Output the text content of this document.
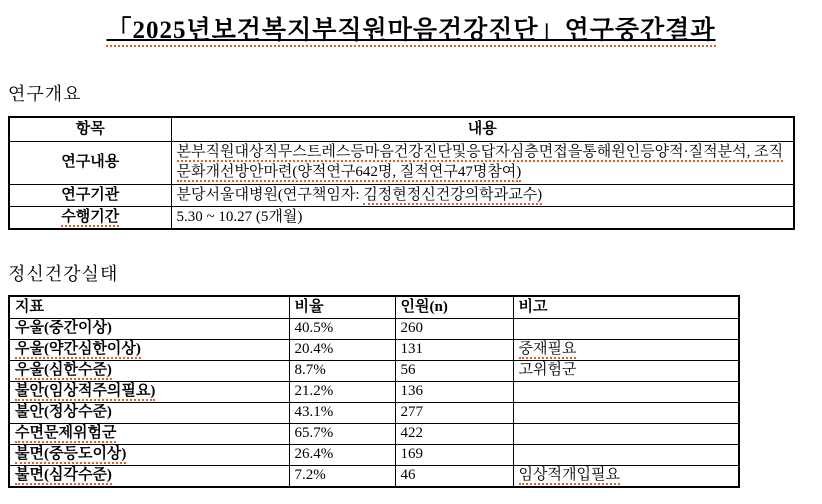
「2025년보건복지부직원마음건강진단」연구중간결과
연구개요
항목	내용
연구내용	본부직원대상직무스트레스등마음건강진단및응답자심층면접을통해원인등양적·질적분석, 조직문화개선방안마련(양적연구642명, 질적연구47명참여)
연구기관	분당서울대병원(연구책임자: 김정현정신건강의학과교수)
수행기간	5.30 ~ 10.27 (5개월)
정신건강실태
지표	비율	인원(n)	비고
우울(중간이상)	40.5%	260	
우울(약간심한이상)	20.4%	131	중재필요
우울(심한수준)	8.7%	56	고위험군
불안(임상적주의필요)	21.2%	136	
불안(정상수준)	43.1%	277	
수면문제위험군	65.7%	422	
불면(중등도이상)	26.4%	169	
불면(심각수준)	7.2%	46	임상적개입필요
